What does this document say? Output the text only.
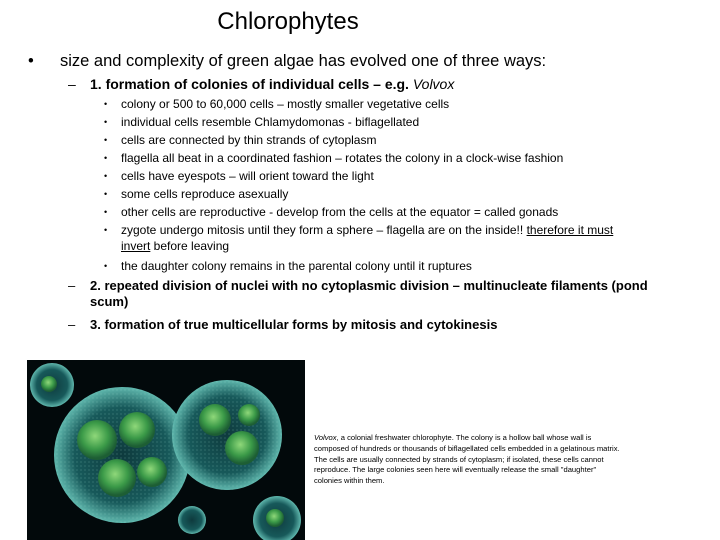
Chlorophytes
• size and complexity of green algae has evolved one of three ways:
– 1. formation of colonies of individual cells – e.g. Volvox
• colony or 500 to 60,000 cells – mostly smaller vegetative cells
• individual cells resemble Chlamydomonas - biflagellated
• cells are connected by thin strands of cytoplasm
• flagella all beat in a coordinated fashion – rotates the colony in a clock-wise fashion
• cells have eyespots – will orient toward the light
• some cells reproduce asexually
• other cells are reproductive - develop from the cells at the equator = called gonads
• zygote undergo mitosis until they form a sphere – flagella are on the inside!! therefore it must
invert before leaving
• the daughter colony remains in the parental colony until it ruptures
– 2. repeated division of nuclei with no cytoplasmic division – multinucleate filaments (pond scum)
– 3. formation of true multicellular forms by mitosis and cytokinesis
Volvox, a colonial freshwater chlorophyte. The colony is a hollow ball whose wall is composed of hundreds or thousands of biflagellated cells embedded in a gelatinous matrix. The cells are usually connected by strands of cytoplasm; if isolated, these cells cannot reproduce. The large colonies seen here will eventually release the small "daughter" colonies within them.
